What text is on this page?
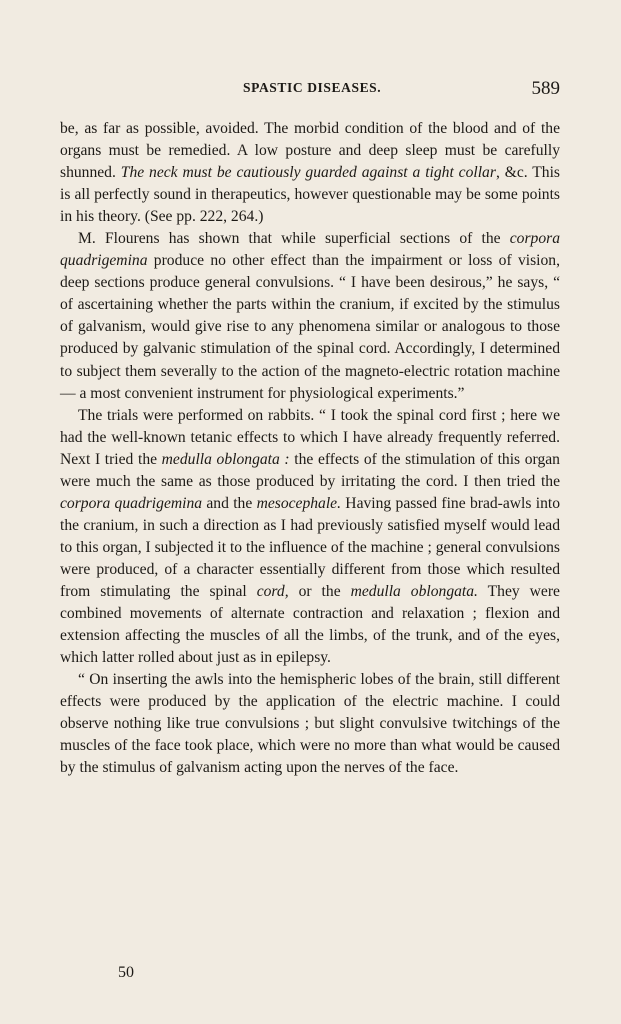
SPASTIC DISEASES.	589

be, as far as possible, avoided. The morbid condition of the blood and of the organs must be remedied. A low posture and deep sleep must be carefully shunned. The neck must be cautiously guarded against a tight collar, &c. This is all perfectly sound in therapeutics, however questionable may be some points in his theory. (See pp. 222, 264.)

M. Flourens has shown that while superficial sections of the corpora quadrigemina produce no other effect than the impairment or loss of vision, deep sections produce general convulsions. “ I have been desirous,” he says, “ of ascertaining whether the parts within the cranium, if excited by the stimulus of galvanism, would give rise to any phenomena similar or analogous to those produced by galvanic stimulation of the spinal cord. Accordingly, I determined to subject them severally to the action of the magneto-electric rotation machine — a most convenient instrument for physiological experiments.”

The trials were performed on rabbits. “ I took the spinal cord first ; here we had the well-known tetanic effects to which I have already frequently referred. Next I tried the medulla oblongata : the effects of the stimulation of this organ were much the same as those produced by irritating the cord. I then tried the corpora quadrigemina and the mesocephale. Having passed fine brad-awls into the cranium, in such a direction as I had previously satisfied myself would lead to this organ, I subjected it to the influence of the machine ; general convulsions were produced, of a character essentially different from those which resulted from stimulating the spinal cord, or the medulla oblongata. They were combined movements of alternate contraction and relaxation ; flexion and extension affecting the muscles of all the limbs, of the trunk, and of the eyes, which latter rolled about just as in epilepsy.

“ On inserting the awls into the hemispheric lobes of the brain, still different effects were produced by the application of the electric machine. I could observe nothing like true convulsions ; but slight convulsive twitchings of the muscles of the face took place, which were no more than what would be caused by the stimulus of galvanism acting upon the nerves of the face.

50
